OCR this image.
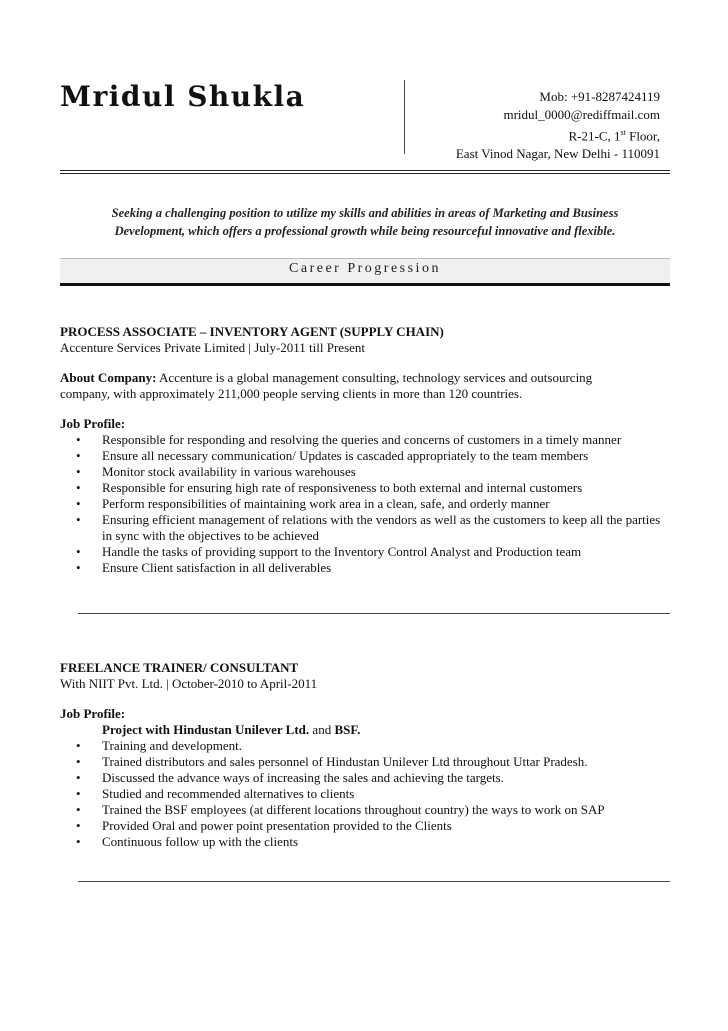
Mridul Shukla	Mob: +91-8287424119
mridul_0000@rediffmail.com
R-21-C, 1st Floor,
East Vinod Nagar, New Delhi - 110091
Seeking a challenging position to utilize my skills and abilities in areas of Marketing and Business
Development, which offers a professional growth while being resourceful innovative and flexible.
Career Progression
PROCESS ASSOCIATE – INVENTORY AGENT (SUPPLY CHAIN)
Accenture Services Private Limited | July-2011 till Present
About Company: Accenture is a global management consulting, technology services and outsourcing
company, with approximately 211,000 people serving clients in more than 120 countries.
Job Profile:
• Responsible for responding and resolving the queries and concerns of customers in a timely manner
• Ensure all necessary communication/ Updates is cascaded appropriately to the team members
• Monitor stock availability in various warehouses
• Responsible for ensuring high rate of responsiveness to both external and internal customers
• Perform responsibilities of maintaining work area in a clean, safe, and orderly manner
• Ensuring efficient management of relations with the vendors as well as the customers to keep all the parties in sync with the objectives to be achieved
• Handle the tasks of providing support to the Inventory Control Analyst and Production team
• Ensure Client satisfaction in all deliverables
FREELANCE TRAINER/ CONSULTANT
With NIIT Pvt. Ltd. | October-2010 to April-2011
Job Profile:
Project with Hindustan Unilever Ltd. and BSF.
• Training and development.
• Trained distributors and sales personnel of Hindustan Unilever Ltd throughout Uttar Pradesh.
• Discussed the advance ways of increasing the sales and achieving the targets.
• Studied and recommended alternatives to clients
• Trained the BSF employees (at different locations throughout country) the ways to work on SAP
• Provided Oral and power point presentation provided to the Clients
• Continuous follow up with the clients
